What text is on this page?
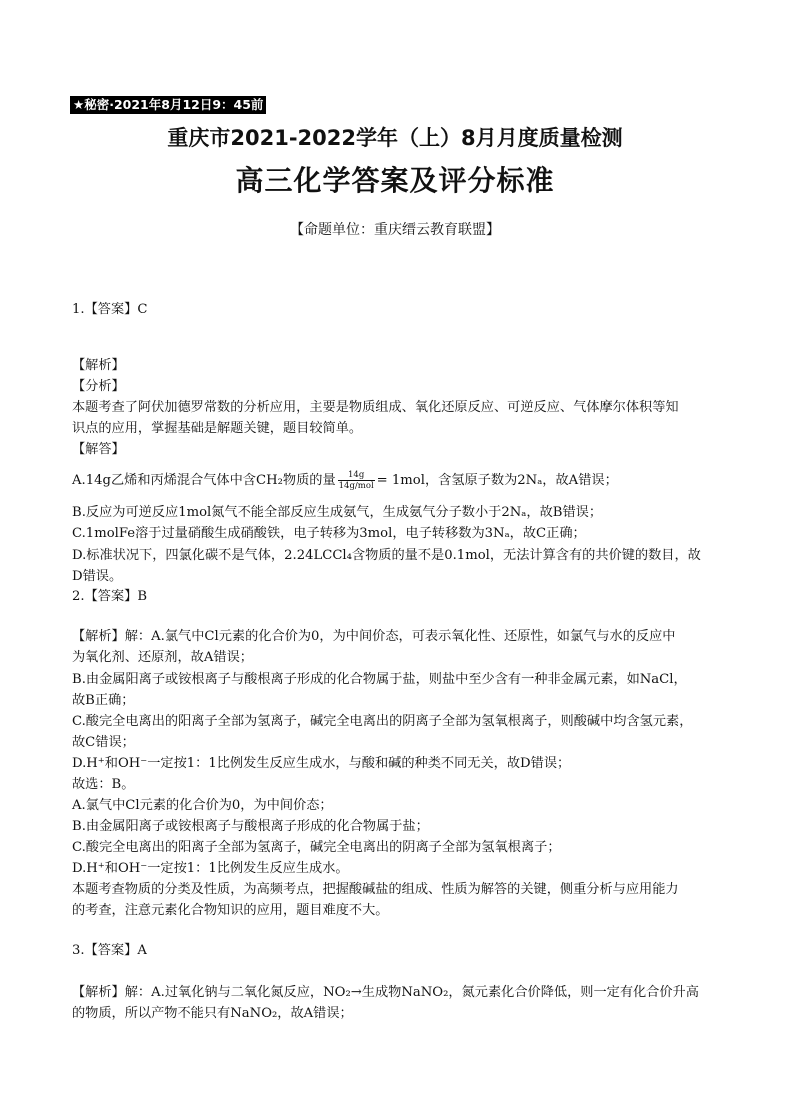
★秘密·2021年8月12日9：45前
重庆市2021-2022学年（上）8月月度质量检测
高三化学答案及评分标准
【命题单位：重庆缙云教育联盟】
1.【答案】C
【解析】
【分析】
本题考查了阿伏加德罗常数的分析应用，主要是物质组成、氧化还原反应、可逆反应、气体摩尔体积等知
识点的应用，掌握基础是解题关键，题目较简单。
【解答】
A.14g乙烯和丙烯混合气体中含CH₂物质的量 $\frac{14g}{\text{14g/mol}} = 1mol$，含氢原子数为2Nₐ，故A错误；
B.反应为可逆反应1mol氮气不能全部反应生成氨气，生成氨气分子数小于2Nₐ，故B错误；
C.1molFe溶于过量硝酸生成硝酸铁，电子转移为3mol，电子转移数为3Nₐ，故C正确；
D.标准状况下，四氯化碳不是气体，2.24LCCl₄含物质的量不是0.1mol，无法计算含有的共价键的数目，故
D错误。
2.【答案】B
【解析】解：A.氯气中Cl元素的化合价为0，为中间价态，可表示氧化性、还原性，如氯气与水的反应中
为氧化剂、还原剂，故A错误；
B.由金属阳离子或铵根离子与酸根离子形成的化合物属于盐，则盐中至少含有一种非金属元素，如NaCl，
故B正确；
C.酸完全电离出的阳离子全部为氢离子，碱完全电离出的阴离子全部为氢氧根离子，则酸碱中均含氢元素，
故C错误；
D.H⁺和OH⁻一定按1：1比例发生反应生成水，与酸和碱的种类不同无关，故D错误；
故选：B。
A.氯气中Cl元素的化合价为0，为中间价态；
B.由金属阳离子或铵根离子与酸根离子形成的化合物属于盐；
C.酸完全电离出的阳离子全部为氢离子，碱完全电离出的阴离子全部为氢氧根离子；
D.H⁺和OH⁻一定按1：1比例发生反应生成水。
本题考查物质的分类及性质，为高频考点，把握酸碱盐的组成、性质为解答的关键，侧重分析与应用能力
的考查，注意元素化合物知识的应用，题目难度不大。
3.【答案】A
【解析】解：A.过氧化钠与二氧化氮反应，NO₂→生成物NaNO₂，氮元素化合价降低，则一定有化合价升高
的物质，所以产物不能只有NaNO₂，故A错误；
